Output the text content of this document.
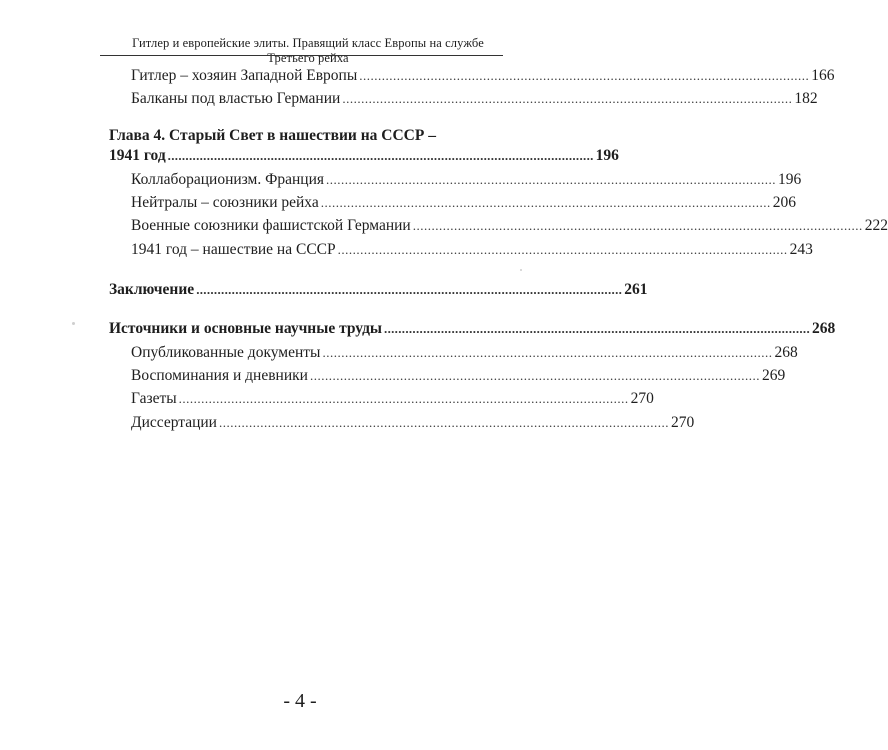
Гитлер и европейские элиты. Правящий класс Европы на службе Третьего рейха
Гитлер – хозяин Западной Европы ........................................................................................................................ 166
Балканы под властью Германии ........................................................................................................................ 182
Глава 4. Старый Свет в нашествии на СССР –
1941 год ........................................................................................................................ 196
Коллаборационизм. Франция ........................................................................................................................ 196
Нейтралы – союзники рейха ........................................................................................................................ 206
Военные союзники фашистской Германии ........................................................................................................................ 222
1941 год – нашествие на СССР ........................................................................................................................ 243
Заключение ........................................................................................................................ 261
Источники и основные научные труды ........................................................................................................................ 268
Опубликованные документы ........................................................................................................................ 268
Воспоминания и дневники ........................................................................................................................ 269
Газеты ........................................................................................................................ 270
Диссертации ........................................................................................................................ 270
- 4 -
